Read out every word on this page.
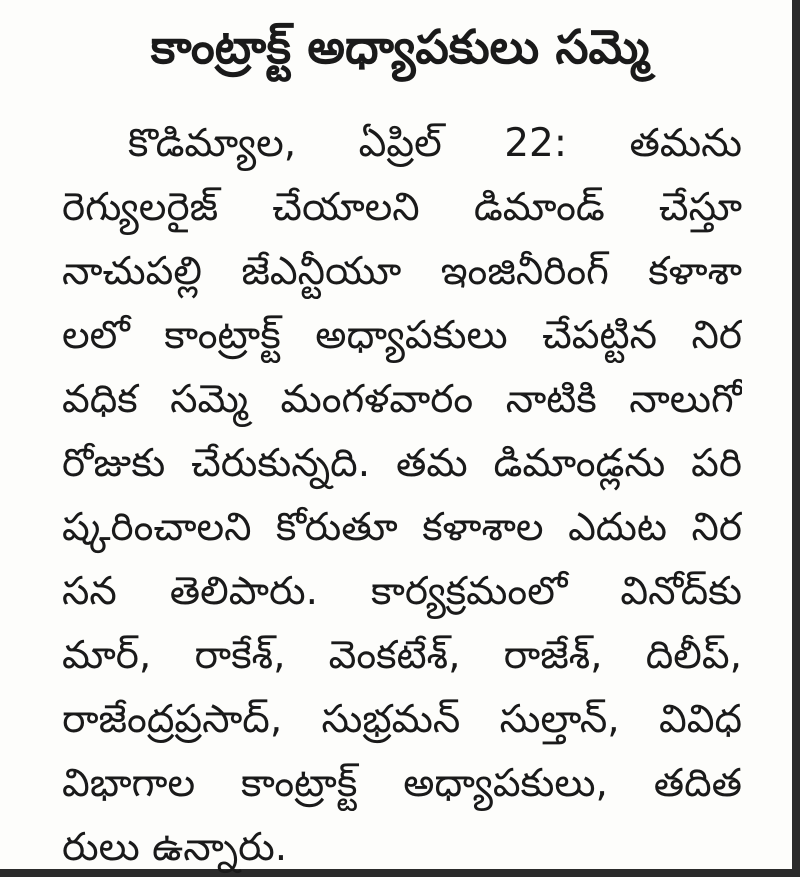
కాంట్రాక్ట్ అధ్యాపకులు సమ్మె
కొడిమ్యాల, ఏప్రిల్ 22: తమను
రెగ్యులరైజ్ చేయాలని డిమాండ్ చేస్తూ
నాచుపల్లి జేఎన్టీయూ ఇంజినీరింగ్ కళాశా
లలో కాంట్రాక్ట్ అధ్యాపకులు చేపట్టిన నిర
వధిక సమ్మె మంగళవారం నాటికి నాలుగో
రోజుకు చేరుకున్నది. తమ డిమాండ్లను పరి
ష్కరించాలని కోరుతూ కళాశాల ఎదుట నిర
సన తెలిపారు. కార్యక్రమంలో వినోద్‌కు
మార్, రాకేశ్, వెంకటేశ్, రాజేశ్, దిలీప్,
రాజేంద్రప్రసాద్, సుభ్రమన్ సుల్తాన్, వివిధ
విభాగాల కాంట్రాక్ట్ అధ్యాపకులు, తదిత
రులు ఉన్నారు.
